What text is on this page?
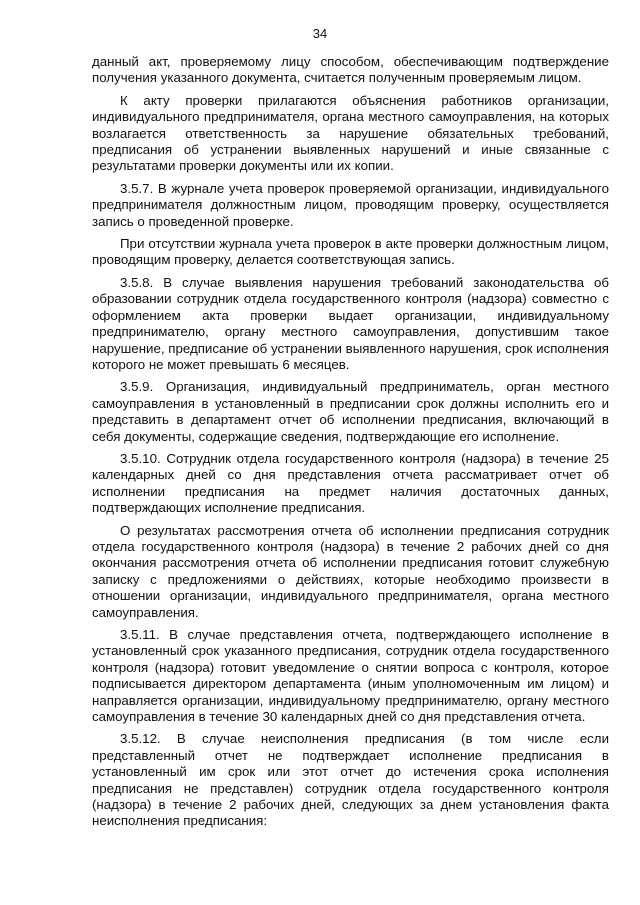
34

данный акт, проверяемому лицу способом, обеспечивающим подтверждение получения указанного документа, считается полученным проверяемым лицом.

К акту проверки прилагаются объяснения работников организации, индивидуального предпринимателя, органа местного самоуправления, на которых возлагается ответственность за нарушение обязательных требований, предписания об устранении выявленных нарушений и иные связанные с результатами проверки документы или их копии.

3.5.7. В журнале учета проверок проверяемой организации, индивидуального предпринимателя должностным лицом, проводящим проверку, осуществляется запись о проведенной проверке.

При отсутствии журнала учета проверок в акте проверки должностным лицом, проводящим проверку, делается соответствующая запись.

3.5.8. В случае выявления нарушения требований законодательства об образовании сотрудник отдела государственного контроля (надзора) совместно с оформлением акта проверки выдает организации, индивидуальному предпринимателю, органу местного самоуправления, допустившим такое нарушение, предписание об устранении выявленного нарушения, срок исполнения которого не может превышать 6 месяцев.

3.5.9. Организация, индивидуальный предприниматель, орган местного самоуправления в установленный в предписании срок должны исполнить его и представить в департамент отчет об исполнении предписания, включающий в себя документы, содержащие сведения, подтверждающие его исполнение.

3.5.10. Сотрудник отдела государственного контроля (надзора) в течение 25 календарных дней со дня представления отчета рассматривает отчет об исполнении предписания на предмет наличия достаточных данных, подтверждающих исполнение предписания.

О результатах рассмотрения отчета об исполнении предписания сотрудник отдела государственного контроля (надзора) в течение 2 рабочих дней со дня окончания рассмотрения отчета об исполнении предписания готовит служебную записку с предложениями о действиях, которые необходимо произвести в отношении организации, индивидуального предпринимателя, органа местного самоуправления.

3.5.11. В случае представления отчета, подтверждающего исполнение в установленный срок указанного предписания, сотрудник отдела государственного контроля (надзора) готовит уведомление о снятии вопроса с контроля, которое подписывается директором департамента (иным уполномоченным им лицом) и направляется организации, индивидуальному предпринимателю, органу местного самоуправления в течение 30 календарных дней со дня представления отчета.

3.5.12. В случае неисполнения предписания (в том числе если представленный отчет не подтверждает исполнение предписания в установленный им срок или этот отчет до истечения срока исполнения предписания не представлен) сотрудник отдела государственного контроля (надзора) в течение 2 рабочих дней, следующих за днем установления факта неисполнения предписания:
